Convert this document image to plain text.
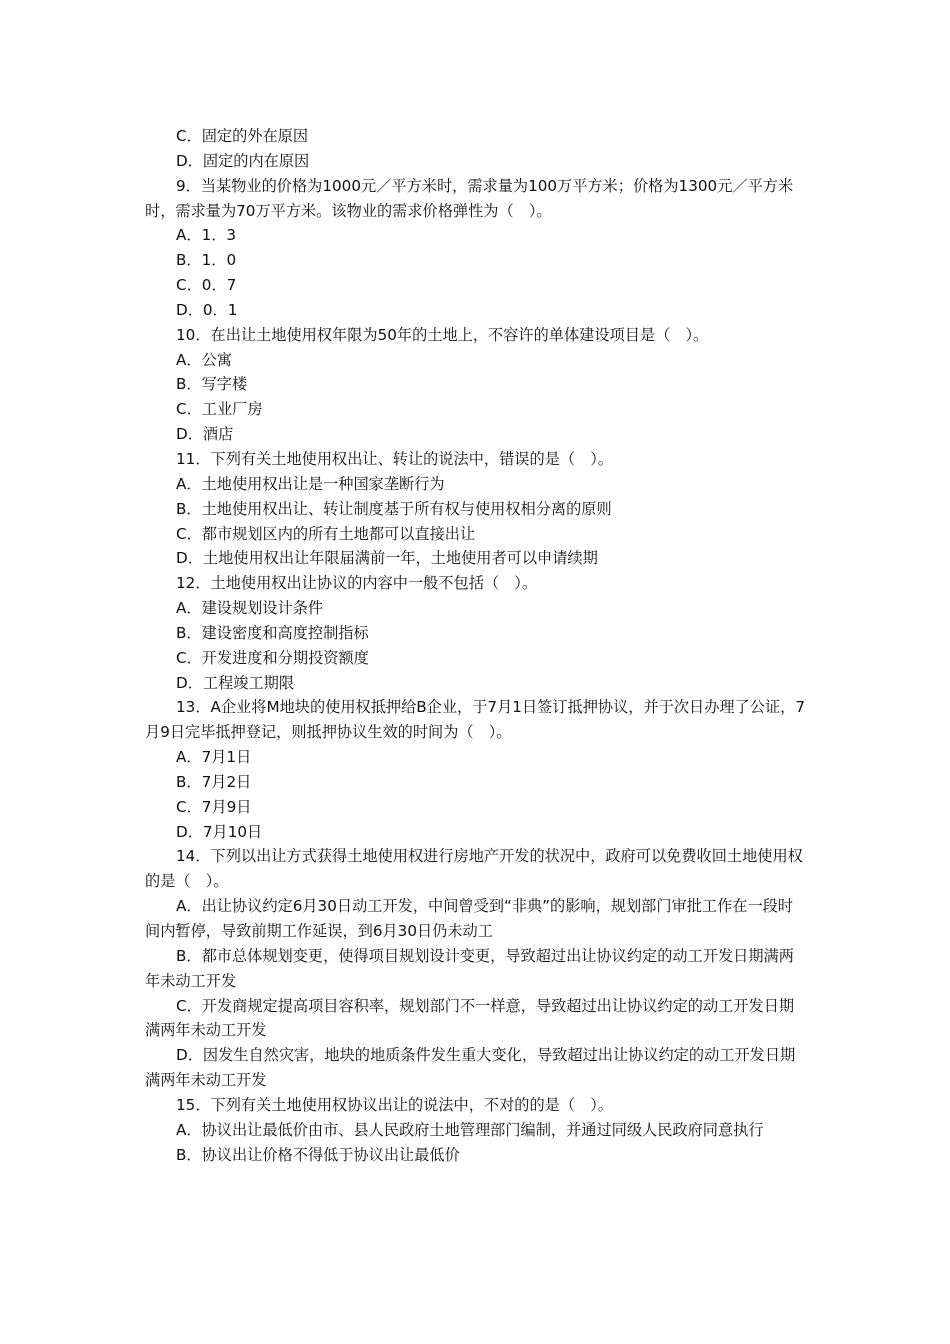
C．固定的外在原因
D．固定的内在原因
9．当某物业的价格为1000元／平方米时，需求量为100万平方米；价格为1300元／平方米时，需求量为70万平方米。该物业的需求价格弹性为（　）。
A．1．3
B．1．0
C．0．7
D．0．1
10．在出让土地使用权年限为50年的土地上，不容许的单体建设项目是（　）。
A．公寓
B．写字楼
C．工业厂房
D．酒店
11．下列有关土地使用权出让、转让的说法中，错误的是（　）。
A．土地使用权出让是一种国家垄断行为
B．土地使用权出让、转让制度基于所有权与使用权相分离的原则
C．都市规划区内的所有土地都可以直接出让
D．土地使用权出让年限届满前一年，土地使用者可以申请续期
12．土地使用权出让协议的内容中一般不包括（　）。
A．建设规划设计条件
B．建设密度和高度控制指标
C．开发进度和分期投资额度
D．工程竣工期限
13．A企业将M地块的使用权抵押给B企业，于7月1日签订抵押协议，并于次日办理了公证，7月9日完毕抵押登记，则抵押协议生效的时间为（　）。
A．7月1日
B．7月2日
C．7月9日
D．7月10日
14．下列以出让方式获得土地使用权进行房地产开发的状况中，政府可以免费收回土地使用权的是（　）。
A．出让协议约定6月30日动工开发，中间曾受到“非典”的影响，规划部门审批工作在一段时间内暂停，导致前期工作延误，到6月30日仍未动工
B．都市总体规划变更，使得项目规划设计变更，导致超过出让协议约定的动工开发日期满两年未动工开发
C．开发商规定提高项目容积率，规划部门不一样意，导致超过出让协议约定的动工开发日期满两年未动工开发
D．因发生自然灾害，地块的地质条件发生重大变化，导致超过出让协议约定的动工开发日期满两年未动工开发
15．下列有关土地使用权协议出让的说法中，不对的的是（　）。
A．协议出让最低价由市、县人民政府土地管理部门编制，并通过同级人民政府同意执行
B．协议出让价格不得低于协议出让最低价
